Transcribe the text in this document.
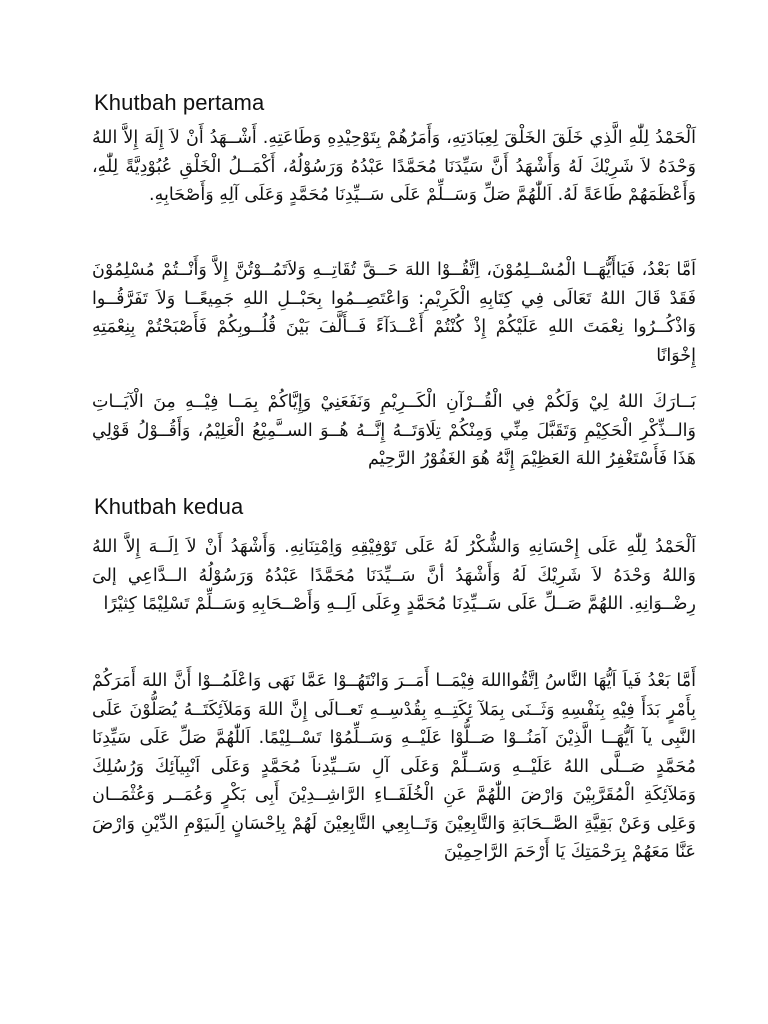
Khutbah pertama

اَلْحَمْدُ لِلّٰهِ الَّذِي خَلَقَ الخَلْقَ لِعِبَادَتِهِ، وَأَمَرُهُمْ بِتَوْحِيْدِهِ وَطَاعَتِهِ. أَشْــهَدُ أَنْ لاَ إِلَهَ إِلاَّ اللهُ وَحْدَهُ لاَ شَرِيْكَ لَهُ وَأَشْهَدُ أَنَّ سَيِّدَنَا مُحَمَّدًا عَبْدُهُ وَرَسُوْلُهُ، أَكْمَــلُ الْخَلْقِ عُبُوْدِيَّةً لِلّٰهِ، وَأَعْظَمَهُمْ طَاعَةً لَهُ. اَللّٰهُمَّ صَلِّ وَسَــلِّمْ عَلَى سَــيِّدِنَا مُحَمَّدٍ وَعَلَى آلِهِ وَأَصْحَابِهِ.

اَمَّا بَعْدُ، فَيَاأَيُّهَــا الْمُسْــلِمُوْنَ، اِتَّقُــوْا اللهَ حَــقَّ تُقَاتِــهِ وَلاَتَمُــوْتُنَّ إِلاَّ وَأَنْــتُمْ مُسْلِمُوْنَ فَقَدْ قَالَ اللهُ تَعَالَى فِي كِتَابِهِ الْكَرِيْمِ: وَاعْتَصِــمُوا بِحَبْــلِ اللهِ جَمِيعًــا وَلاَ تَفَرَّقُــوا وَاذْكُــرُوا نِعْمَتَ اللهِ عَلَيْكُمْ إِذْ كُنْتُمْ أَعْــدَآءً فَــأَلَّفَ بَيْنَ قُلُــوبِكُمْ فَأَصْبَحْتُمْ بِنِعْمَتِهِ إِخْوَانًا

بَــارَكَ اللهُ لِيْ وَلَكُمْ فِي الْقُــرْآنِ الْكَــرِيْمِ وَنَفَعَنِيْ وَإِيَّاكُمْ بِمَــا فِيْــهِ مِنَ الْآيَــاتِ وَالــذِّكْرِ الْحَكِيْمِ وَتَقَبَّلَ مِنِّي وَمِنْكُمْ تِلَاوَتَــهُ إِنَّــهُ هُــوَ الســَّمِيْعُ الْعَلِيْمُ، وَأَقُــوْلُ قَوْلِي هَذَا فَأَسْتَغْفِرُ اللهَ العَظِيْمَ إِنَّهُ هُوَ الغَفُوْرُ الرَّحِيْم

Khutbah kedua

اَلْحَمْدُ لِلّٰهِ عَلَى إِحْسَانِهِ وَالشُّكْرُ لَهُ عَلَى تَوْفِيْقِهِ وَاِمْتِنَانِهِ. وَأَشْهَدُ أَنْ لاَ اِلَــهَ إِلاَّ اللهُ وَاللهُ وَحْدَهُ لاَ شَرِيْكَ لَهُ وَأَشْهَدُ أنَّ سَــيِّدَنَا مُحَمَّدًا عَبْدُهُ وَرَسُوْلُهُ الــدَّاعِي إلىَ رِضْــوَانِهِ. اللهُمَّ صَــلِّ عَلَى سَــيِّدِنَا مُحَمَّدٍ وِعَلَى اَلِــهِ وَأَصْــحَابِهِ وَسَــلِّمْ تَسْلِيْمًا كِثيْرًا

أَمَّا بَعْدُ فَياَ اَيُّهَا النَّاسُ اِتَّقُوااللهَ فِيْمَــا أَمَــرَ وَانْتَهُــوْا عَمَّا نَهَى وَاعْلَمُــوْا أَنَّ اللهَ أَمَرَكُمْ بِأَمْرٍ بَدَأَ فِيْهِ بِنَفْسِهِ وَثَــنَى بِمَلآ ئِكَتِــهِ بِقُدْسِــهِ تَعــالَى إِنَّ اللهَ وَمَلآئِكَتَــهُ يُصَلُّوْنَ عَلَى النَّبِى يآ اَيُّهَــا الَّذِيْنَ آمَنُــوْا صَــلُّوْا عَلَيْــهِ وَسَــلِّمُوْا تَسْــلِيْمًا. اَللّٰهُمَّ صَلِّ عَلَى سَيِّدِنَا مُحَمَّدٍ صَــلَّى اللهُ عَلَيْــهِ وَسَــلِّمْ وَعَلَى آلِ سَــيِّدِناَ مُحَمَّدٍ وَعَلَى اَنْبِيآئِكَ وَرُسُلِكَ وَمَلآئِكَةِ الْمُقَرَّبِيْنَ وَارْضَ اللّٰهُمَّ عَنِ الْخُلَفَــاءِ الرَّاشِــدِيْنَ أَبِى بَكْرٍ وَعُمَــر وَعُثْمَــان وَعَلِى وَعَنْ بَقِيَّةِ الصَّــحَابَةِ وَالتَّابِعِيْنَ وَتَــابِعِي التَّابِعِيْنَ لَهُمْ بِاِحْسَانٍ اِلَىيَوْمِ الدِّيْنِ وَارْضَ عَنَّا مَعَهُمْ بِرَحْمَتِكَ يَا أَرْحَمَ الرَّاحِمِيْنَ
